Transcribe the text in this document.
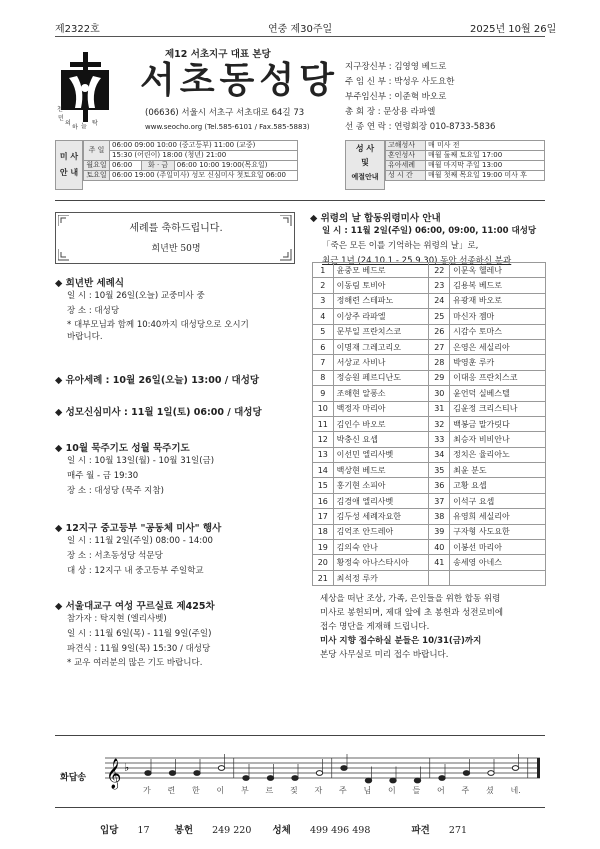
제2322호	연중 제30주일	2025년 10월 26일
천
민
의
하 늘 탁
제12 서초지구 대표 본당
서초동성당
(06636) 서울시 서초구 서초대로 64길 73
www.seocho.org (Tel.585-6101 / Fax.585-5883)
지구장신부 : 김영영 베드로
주 임 신 부 : 박성우 사도요한
부주임신부 : 이준혁 바오로
총 회 장 : 문상용 라파엘
선 종 연 락 : 연령회장 010-8733-5836
미 사
안 내
주 일	06:00 09:00 10:00 (중고등부) 11:00 (교중)		
	15:30 (어린이) 18:00 (청년) 21:00		
월요일	06:00	화 · 금	06:00 10:00 19:00(목요일)
토요일	06:00 19:00 (주일미사) 성모 신심미사 첫토요일 06:00		
성 사
및
예절안내
고해성사	매 미사 전
혼인성사	매월 둘째 토요일 17:00
유아세례	매월 마지막 주일 13:00
성 시 간	매월 첫째 목요일 19:00 미사 후
세례를 축하드립니다.
희년반 50명
◆ 희년반 세례식
일 시 : 10월 26일(오늘) 교중미사 중
장 소 : 대성당
* 대부모님과 함께 10:40까지 대성당으로 오시기
바랍니다.
◆ 유아세례 : 10월 26일(오늘) 13:00 / 대성당
◆ 성모신심미사 : 11월 1일(토) 06:00 / 대성당
◆ 10월 묵주기도 성월 묵주기도
일 시 : 10월 13일(월) - 10월 31일(금)
매주 월 - 금 19:30
장 소 : 대성당 (묵주 지참)
◆ 12지구 중고등부 "공동체 미사" 행사
일 시 : 11월 2일(주일) 08:00 - 14:00
장 소 : 서초동성당 석문당
대 상 : 12지구 내 중고등부 주일학교
◆ 서울대교구 여성 꾸르실료 제425차
참가자 : 탁지현 (엘리사벳)
일 시 : 11월 6일(목) - 11월 9일(주일)
파견식 : 11월 9일(목) 15:30 / 대성당
* 교우 여러분의 많은 기도 바랍니다.
◆ 위령의 날 합동위령미사 안내
일 시 : 11월 2일(주일) 06:00, 09:00, 11:00 대성당
「죽은 모든 이를 기억하는 위령의 날」로,
최근 1년 (24.10.1 - 25.9.30) 동안 선종하신 분과
1	윤중모 베드로	22	이문옥 헬레나
2	이동림 토비아	23	김용복 베드로
3	정해련 스테파노	24	유광재 바오로
4	이상주 라파엘	25	마신자 젬마
5	문부일 프란치스코	26	시감수 토마스
6	이명재 그레고리오	27	은영은 세실리아
7	서상교 사비나	28	박영훈 루카
8	정승원 페르디난도	29	이대응 프란치스코
9	조해현 알퐁소	30	윤언덕 실베스텔
10	백정자 마리아	31	김윤정 크리스티나
11	김인수 바오로	32	백봉금 말가릿다
12	박충신 요셉	33	최승자 비비안나
13	이선민 엘리사벳	34	정치은 율리아노
14	백상현 베드로	35	최윤 분도
15	홍기현 소피아	36	고황 요셉
16	김경애 엘리사벳	37	이석구 요셉
17	김두성 세례자요한	38	유영희 세실리아
18	김억조 안드레아	39	구자형 사도요한
19	김의숙 안나	40	이봉선 마리아
20	황정숙 아나스타시아	41	송세영 아네스
21	최석정 루카		
세상을 떠난 조상, 가족, 은인들을 위한 합동 위령
미사로 봉헌되며, 제대 앞에 초 봉헌과 성전로비에
접수 명단을 게재해 드립니다.
미사 지향 접수하실 분들은 10/31(금)까지
본당 사무실로 미리 접수 바랍니다.
화답송 𝄞 ♭
가 련 한 이 부 르 짖 자 주 님 이 들 어 주 셨 네.
입당 17	봉헌 249 220 성체 499 496 498	파견 271
